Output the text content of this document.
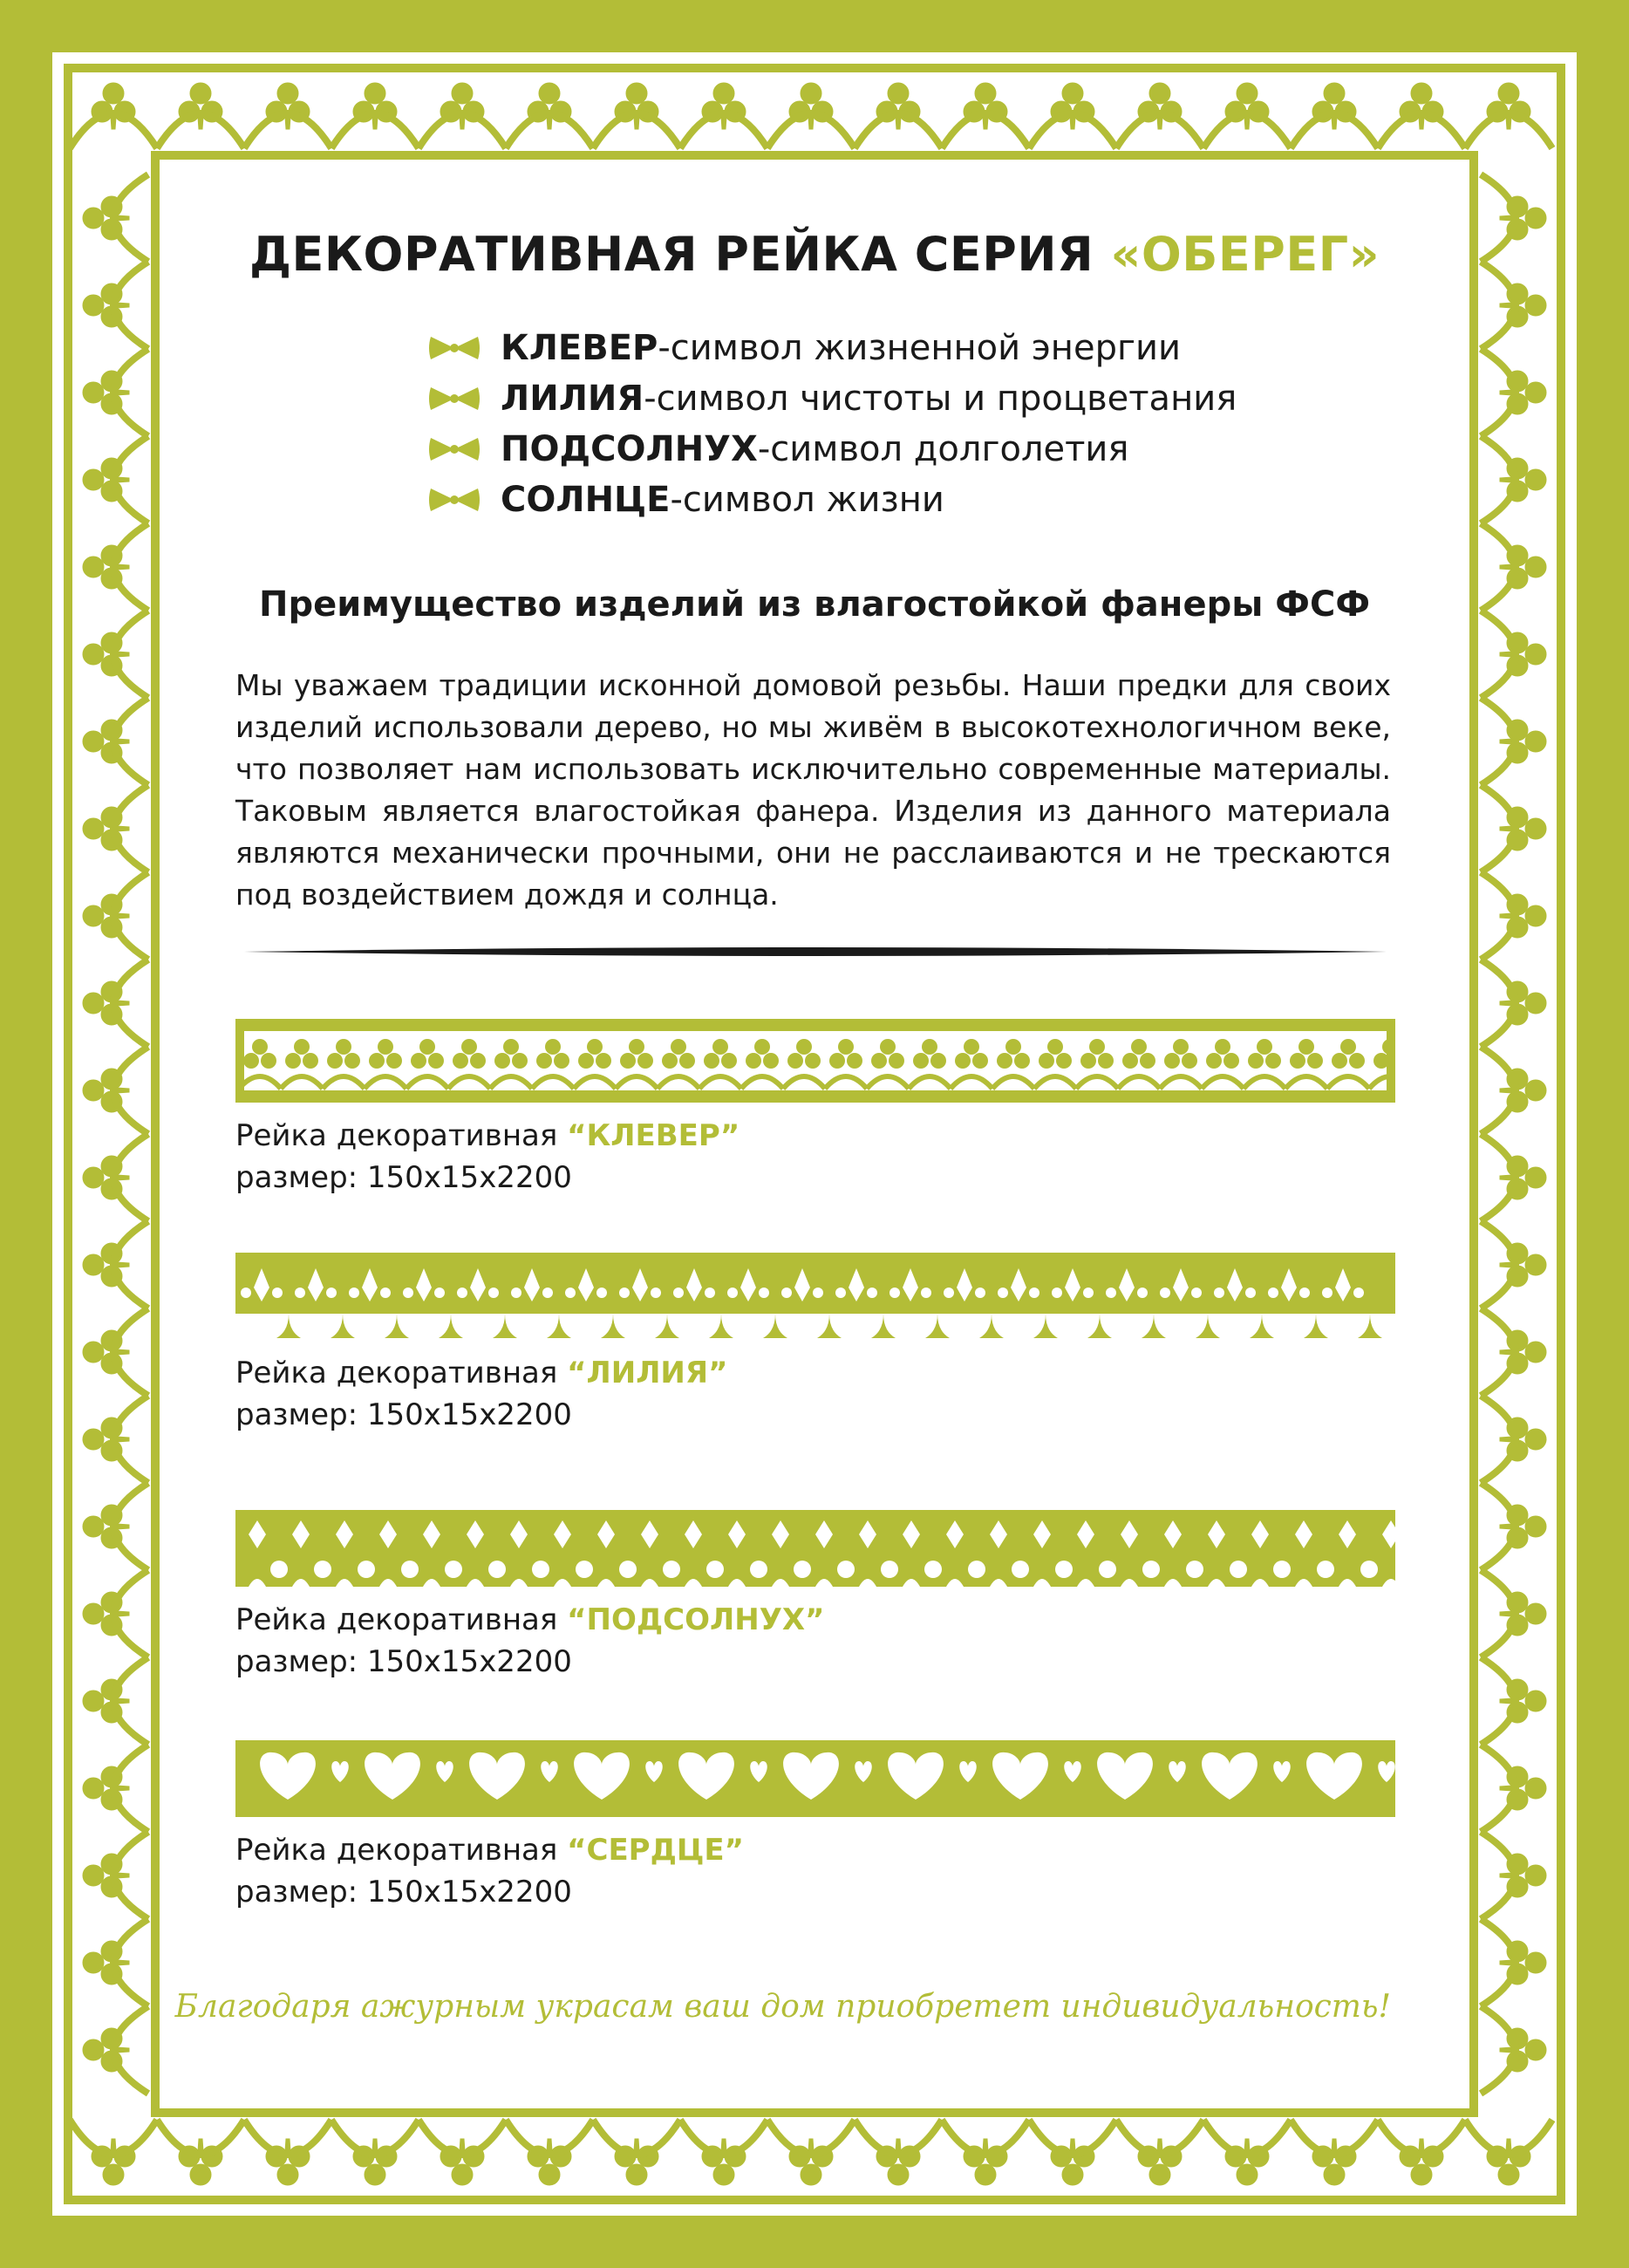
ДЕКОРАТИВНАЯ РЕЙКА СЕРИЯ «ОБЕРЕГ»
КЛЕВЕР -символ жизненной энергии
ЛИЛИЯ -символ чистоты и процветания
ПОДСОЛНУХ -символ долголетия
СОЛНЦЕ -символ жизни
Преимущество изделий из влагостойкой фанеры ФСФ
Мы уважаем традиции исконной домовой резьбы. Наши предки для своих изделий использовали дерево, но мы живём в высокотехнологичном веке, что позволяет нам использовать исключительно современные материалы. Таковым является влагостойкая фанера. Изделия из данного материала являются механически прочными, они не расслаиваются и не трескаются под воздействием дождя и солнца.
Рейка декоративная “КЛЕВЕР”
размер: 150х15х2200
Рейка декоративная “ЛИЛИЯ”
размер: 150х15х2200
Рейка декоративная “ПОДСОЛНУХ”
размер: 150х15х2200
Рейка декоративная “СЕРДЦЕ”
размер: 150х15х2200
Благодаря ажурным украсам ваш дом приобретет индивидуальность!
